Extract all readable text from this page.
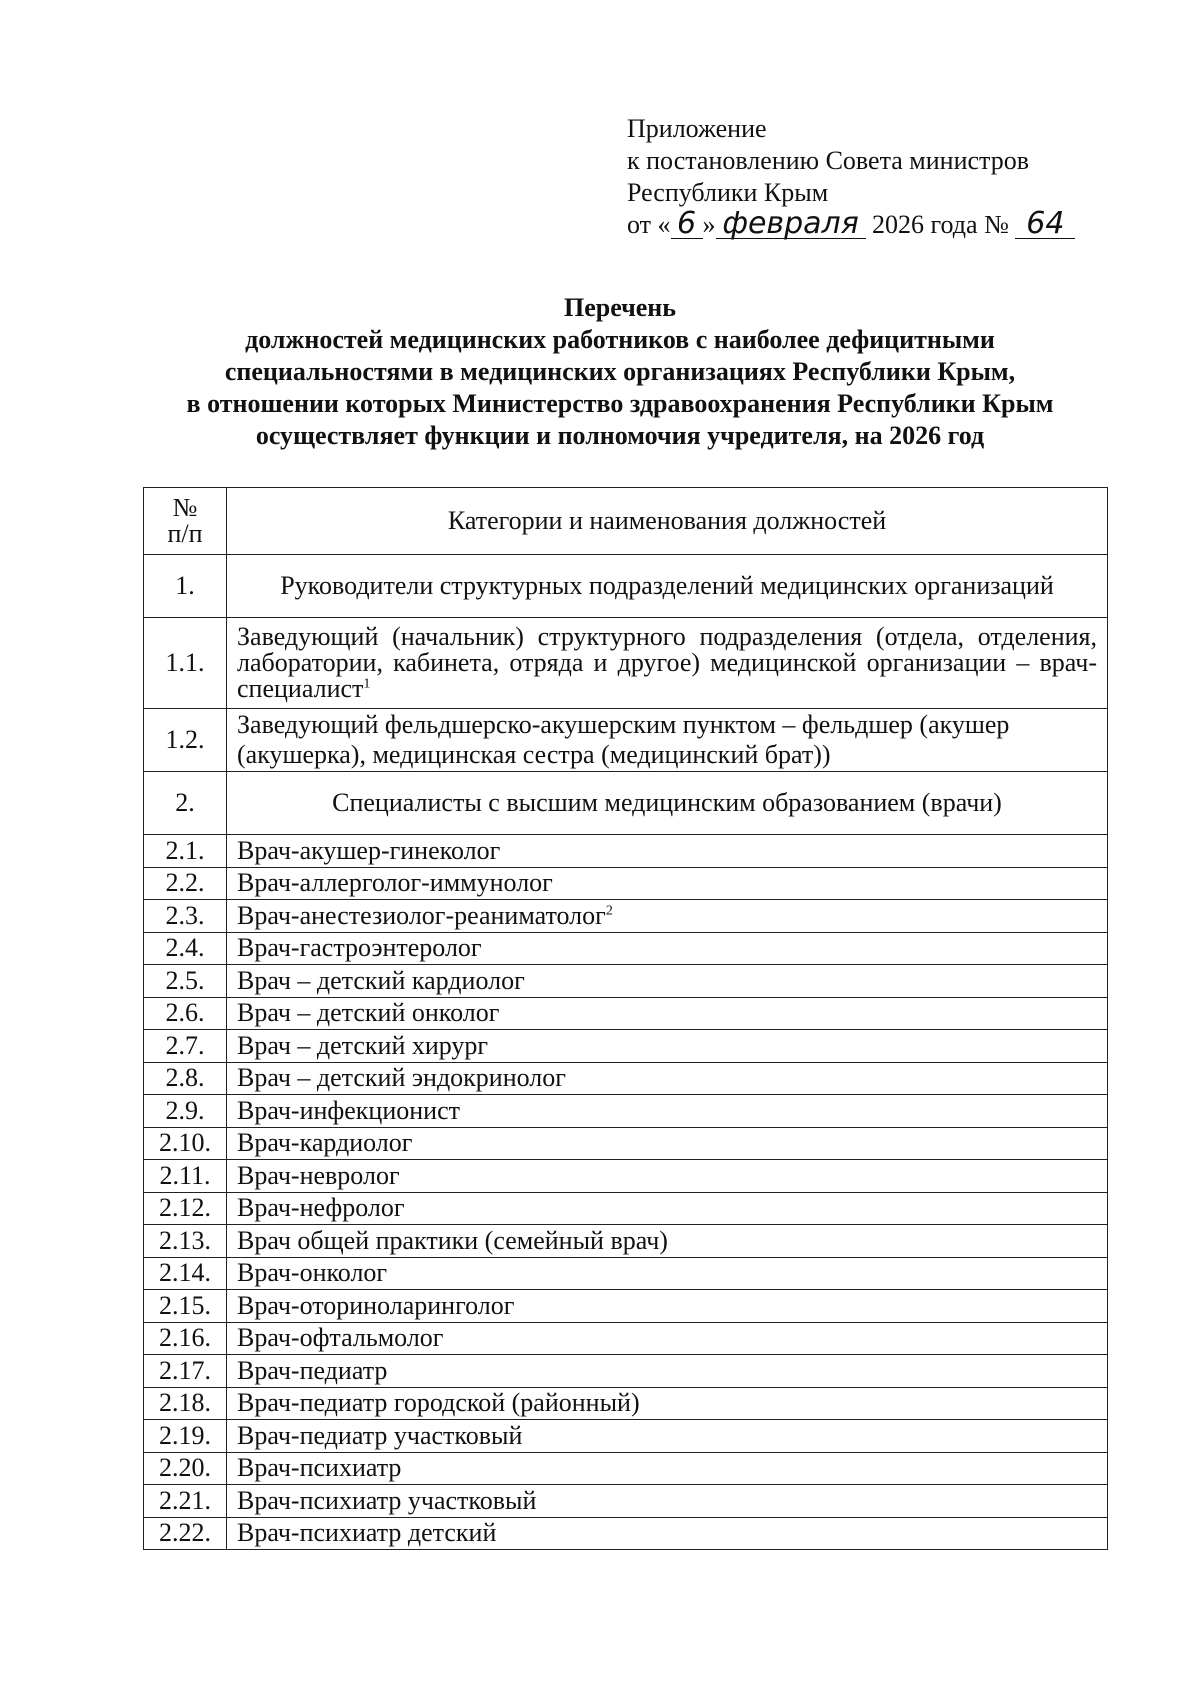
Приложение
к постановлению Совета министров
Республики Крым
от « 6 » февраля 2026 года № 64
Перечень
должностей медицинских работников с наиболее дефицитными
специальностями в медицинских организациях Республики Крым,
в отношении которых Министерство здравоохранения Республики Крым
осуществляет функции и полномочия учредителя, на 2026 год
№
п/п	Категории и наименования должностей
1.	Руководители структурных подразделений медицинских организаций
1.1.	Заведующий (начальник) структурного подразделения (отдела, отделения, лаборатории, кабинета, отряда и другое) медицинской организации – врач-специалист$^1$
1.2.	Заведующий фельдшерско-акушерским пунктом – фельдшер (акушер (акушерка), медицинская сестра (медицинский брат))
2.	Специалисты с высшим медицинским образованием (врачи)
2.1.	Врач-акушер-гинеколог
2.2.	Врач-аллерголог-иммунолог
2.3.	Врач-анестезиолог-реаниматолог$^2$
2.4.	Врач-гастроэнтеролог
2.5.	Врач – детский кардиолог
2.6.	Врач – детский онколог
2.7.	Врач – детский хирург
2.8.	Врач – детский эндокринолог
2.9.	Врач-инфекционист
2.10.	Врач-кардиолог
2.11.	Врач-невролог
2.12.	Врач-нефролог
2.13.	Врач общей практики (семейный врач)
2.14.	Врач-онколог
2.15.	Врач-оториноларинголог
2.16.	Врач-офтальмолог
2.17.	Врач-педиатр
2.18.	Врач-педиатр городской (районный)
2.19.	Врач-педиатр участковый
2.20.	Врач-психиатр
2.21.	Врач-психиатр участковый
2.22.	Врач-психиатр детский
